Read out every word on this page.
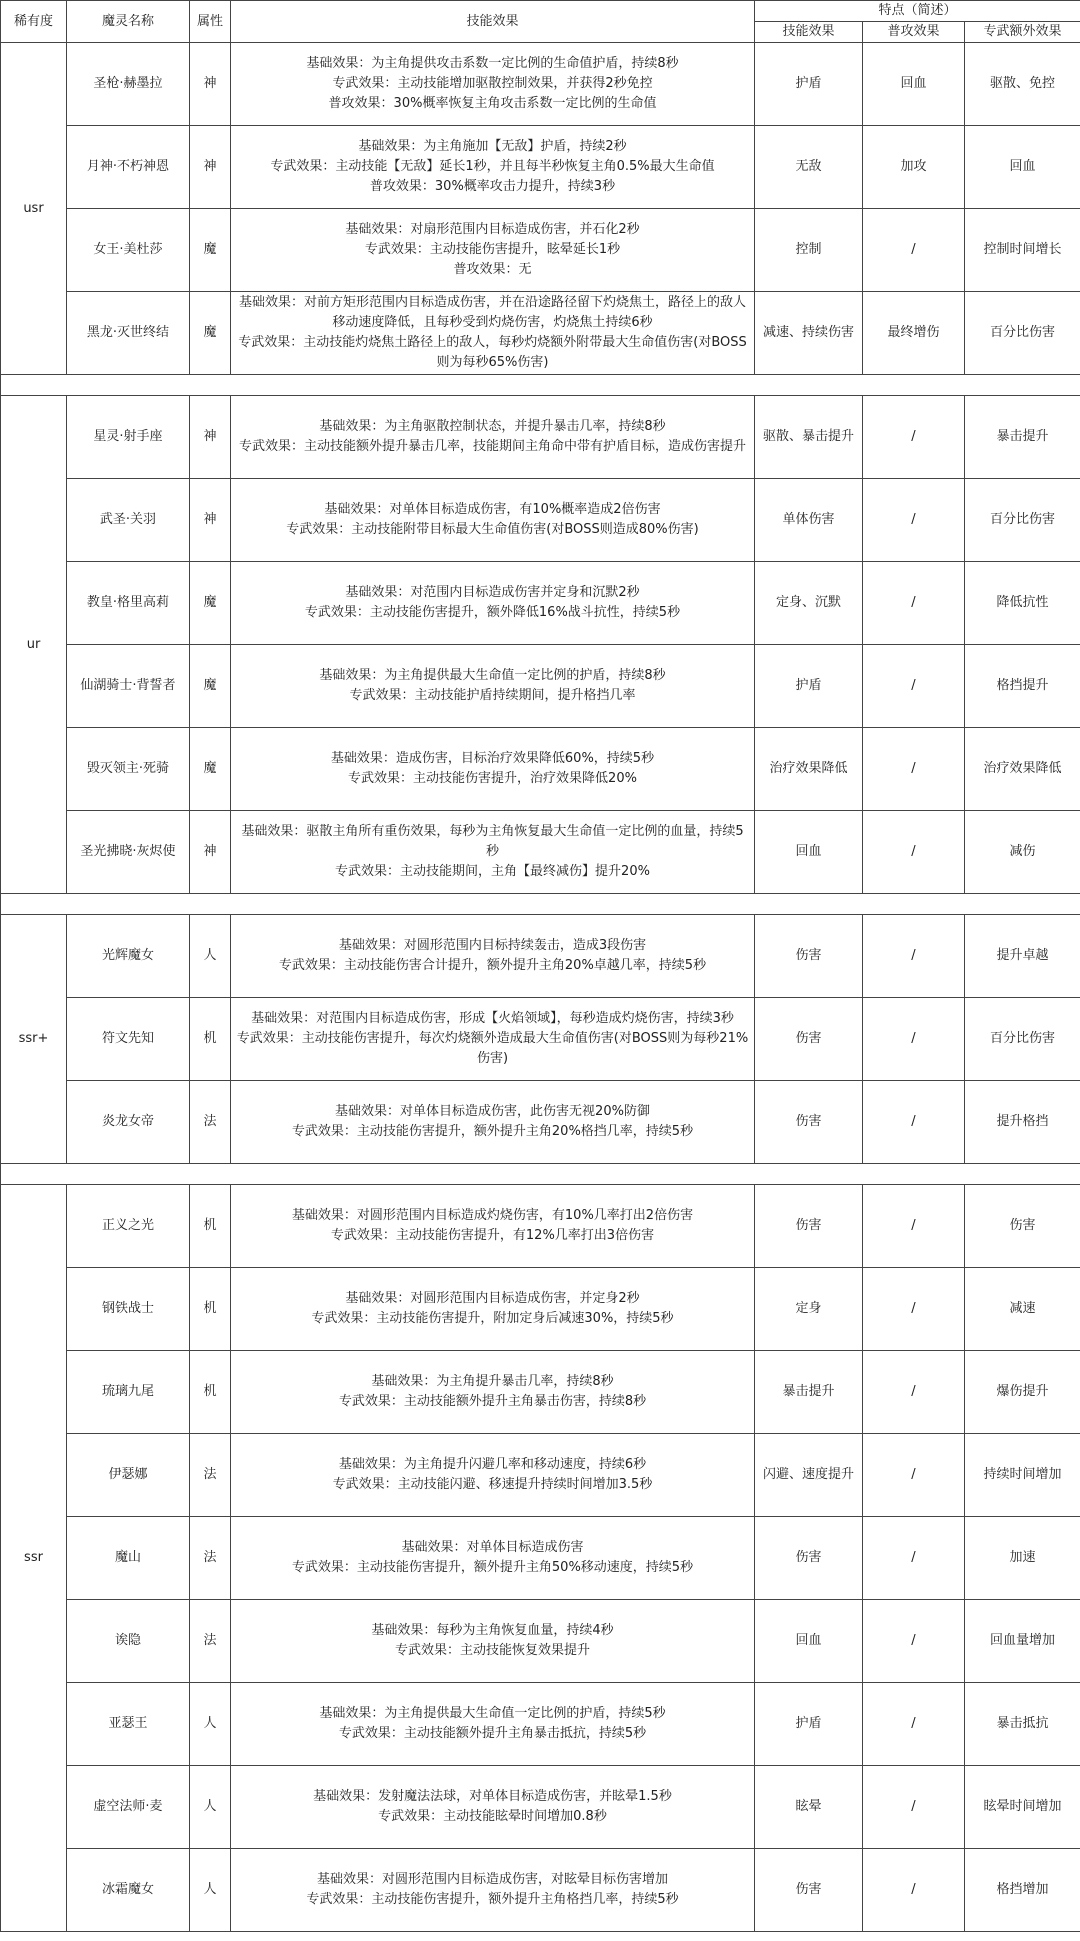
稀有度	魔灵名称	属性	技能效果	特点（简述）		
				技能效果	普攻效果	专武额外效果
usr	圣枪·赫墨拉	神	基础效果：为主角提供攻击系数一定比例的生命值护盾，持续8秒
专武效果：主动技能增加驱散控制效果，并获得2秒免控
普攻效果：30%概率恢复主角攻击系数一定比例的生命值	护盾	回血	驱散、免控
	月神·不朽神恩	神	基础效果：为主角施加【无敌】护盾，持续2秒
专武效果：主动技能【无敌】延长1秒，并且每半秒恢复主角0.5%最大生命值
普攻效果：30%概率攻击力提升，持续3秒	无敌	加攻	回血
	女王·美杜莎	魔	基础效果：对扇形范围内目标造成伤害，并石化2秒
专武效果：主动技能伤害提升，眩晕延长1秒
普攻效果：无	控制	/	控制时间增长
	黑龙·灭世终结	魔	基础效果：对前方矩形范围内目标造成伤害，并在沿途路径留下灼烧焦土，路径上的敌人移动速度降低，且每秒受到灼烧伤害，灼烧焦土持续6秒
专武效果：主动技能灼烧焦土路径上的敌人，每秒灼烧额外附带最大生命值伤害(对BOSS则为每秒65%伤害)	减速、持续伤害	最终增伤	百分比伤害

ur	星灵·射手座	神	基础效果：为主角驱散控制状态，并提升暴击几率，持续8秒
专武效果：主动技能额外提升暴击几率，技能期间主角命中带有护盾目标，造成伤害提升	驱散、暴击提升	/	暴击提升
	武圣·关羽	神	基础效果：对单体目标造成伤害，有10%概率造成2倍伤害
专武效果：主动技能附带目标最大生命值伤害(对BOSS则造成80%伤害)	单体伤害	/	百分比伤害
	教皇·格里高莉	魔	基础效果：对范围内目标造成伤害并定身和沉默2秒
专武效果：主动技能伤害提升，额外降低16%战斗抗性，持续5秒	定身、沉默	/	降低抗性
	仙湖骑士·背誓者	魔	基础效果：为主角提供最大生命值一定比例的护盾，持续8秒
专武效果：主动技能护盾持续期间，提升格挡几率	护盾	/	格挡提升
	毁灭领主·死骑	魔	基础效果：造成伤害，目标治疗效果降低60%，持续5秒
专武效果：主动技能伤害提升，治疗效果降低20%	治疗效果降低	/	治疗效果降低
	圣光拂晓·灰烬使	神	基础效果：驱散主角所有重伤效果，每秒为主角恢复最大生命值一定比例的血量，持续5秒
专武效果：主动技能期间，主角【最终减伤】提升20%	回血	/	减伤

ssr+	光辉魔女	人	基础效果：对圆形范围内目标持续轰击，造成3段伤害
专武效果：主动技能伤害合计提升，额外提升主角20%卓越几率，持续5秒	伤害	/	提升卓越
	符文先知	机	基础效果：对范围内目标造成伤害，形成【火焰领域】，每秒造成灼烧伤害，持续3秒
专武效果：主动技能伤害提升，每次灼烧额外造成最大生命值伤害(对BOSS则为每秒21%伤害)	伤害	/	百分比伤害
	炎龙女帝	法	基础效果：对单体目标造成伤害，此伤害无视20%防御
专武效果：主动技能伤害提升，额外提升主角20%格挡几率，持续5秒	伤害	/	提升格挡

ssr	正义之光	机	基础效果：对圆形范围内目标造成灼烧伤害，有10%几率打出2倍伤害
专武效果：主动技能伤害提升，有12%几率打出3倍伤害	伤害	/	伤害
	钢铁战士	机	基础效果：对圆形范围内目标造成伤害，并定身2秒
专武效果：主动技能伤害提升，附加定身后减速30%，持续5秒	定身	/	减速
	琉璃九尾	机	基础效果：为主角提升暴击几率，持续8秒
专武效果：主动技能额外提升主角暴击伤害，持续8秒	暴击提升	/	爆伤提升
	伊瑟娜	法	基础效果：为主角提升闪避几率和移动速度，持续6秒
专武效果：主动技能闪避、移速提升持续时间增加3.5秒	闪避、速度提升	/	持续时间增加
	魔山	法	基础效果：对单体目标造成伤害
专武效果：主动技能伤害提升，额外提升主角50%移动速度，持续5秒	伤害	/	加速
	诶隐	法	基础效果：每秒为主角恢复血量，持续4秒
专武效果：主动技能恢复效果提升	回血	/	回血量增加
	亚瑟王	人	基础效果：为主角提供最大生命值一定比例的护盾，持续5秒
专武效果：主动技能额外提升主角暴击抵抗，持续5秒	护盾	/	暴击抵抗
	虚空法师·麦	人	基础效果：发射魔法法球，对单体目标造成伤害，并眩晕1.5秒
专武效果：主动技能眩晕时间增加0.8秒	眩晕	/	眩晕时间增加
	冰霜魔女	人	基础效果：对圆形范围内目标造成伤害，对眩晕目标伤害增加
专武效果：主动技能伤害提升，额外提升主角格挡几率，持续5秒	伤害	/	格挡增加
